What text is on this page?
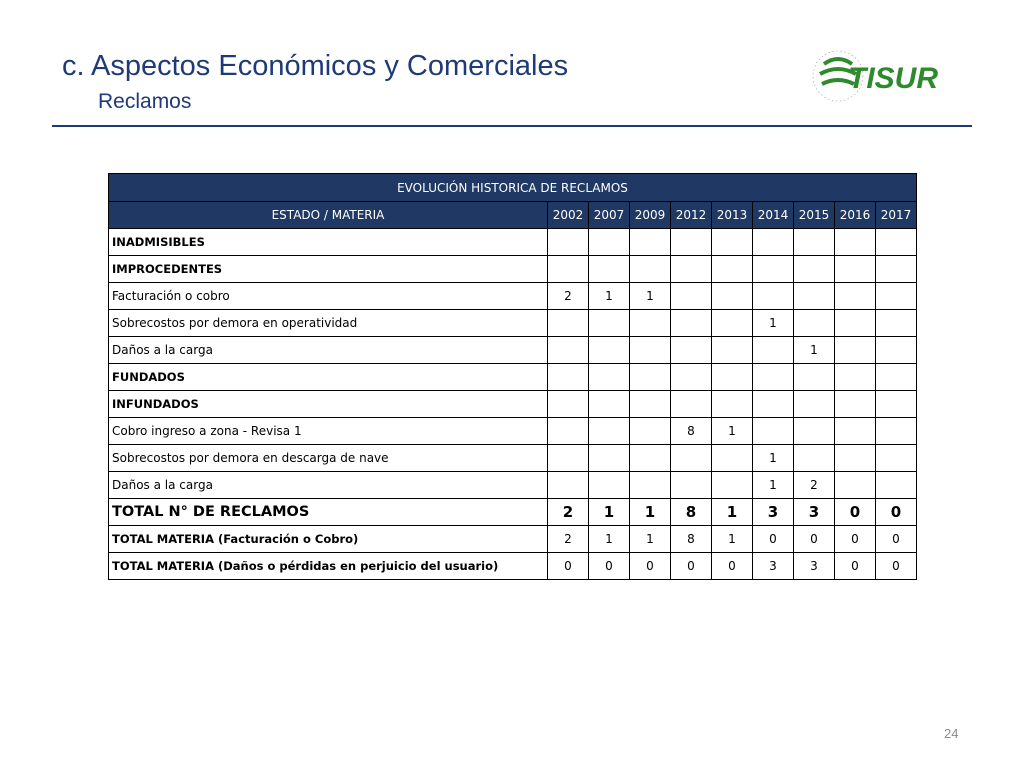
c. Aspectos Económicos y Comerciales
Reclamos
TISUR
EVOLUCIÓN HISTORICA DE RECLAMOS									
ESTADO / MATERIA	2002	2007	2009	2012	2013	2014	2015	2016	2017
INADMISIBLES									
IMPROCEDENTES									
Facturación o cobro	2	1	1						
Sobrecostos por demora en operatividad						1			
Daños a la carga							1		
FUNDADOS									
INFUNDADOS									
Cobro ingreso a zona - Revisa 1				8	1				
Sobrecostos por demora en descarga de nave						1			
Daños a la carga						1	2		
TOTAL N° DE RECLAMOS	2	1	1	8	1	3	3	0	0
TOTAL MATERIA (Facturación o Cobro)	2	1	1	8	1	0	0	0	0
TOTAL MATERIA (Daños o pérdidas en perjuicio del usuario)	0	0	0	0	0	3	3	0	0
24
